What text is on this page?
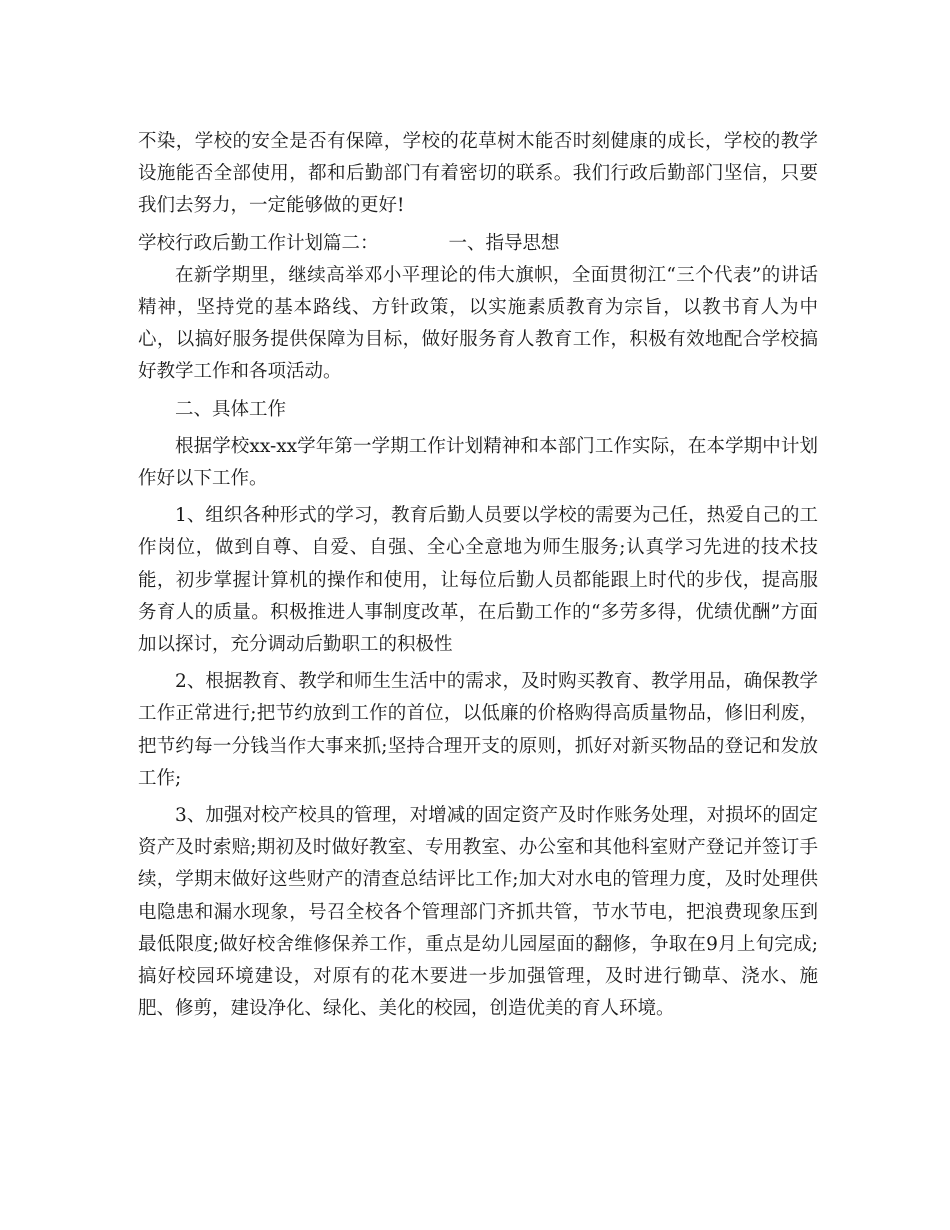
不染，学校的安全是否有保障，学校的花草树木能否时刻健康的成长，学校的教学设施能否全部使用，都和后勤部门有着密切的联系。我们行政后勤部门坚信，只要我们去努力，一定能够做的更好!

学校行政后勤工作计划篇二：	一、指导思想

在新学期里，继续高举邓小平理论的伟大旗帜，全面贯彻江“三个代表”的讲话精神，坚持党的基本路线、方针政策，以实施素质教育为宗旨，以教书育人为中心，以搞好服务提供保障为目标，做好服务育人教育工作，积极有效地配合学校搞好教学工作和各项活动。

二、具体工作

根据学校xx-xx学年第一学期工作计划精神和本部门工作实际，在本学期中计划作好以下工作。

1、组织各种形式的学习，教育后勤人员要以学校的需要为己任，热爱自己的工作岗位，做到自尊、自爱、自强、全心全意地为师生服务;认真学习先进的技术技能，初步掌握计算机的操作和使用，让每位后勤人员都能跟上时代的步伐，提高服务育人的质量。积极推进人事制度改革，在后勤工作的“多劳多得，优绩优酬”方面加以探讨，充分调动后勤职工的积极性

2、根据教育、教学和师生生活中的需求，及时购买教育、教学用品，确保教学工作正常进行;把节约放到工作的首位，以低廉的价格购得高质量物品，修旧利废，把节约每一分钱当作大事来抓;坚持合理开支的原则，抓好对新买物品的登记和发放工作;

3、加强对校产校具的管理，对增减的固定资产及时作账务处理，对损坏的固定资产及时索赔;期初及时做好教室、专用教室、办公室和其他科室财产登记并签订手续，学期末做好这些财产的清查总结评比工作;加大对水电的管理力度，及时处理供电隐患和漏水现象，号召全校各个管理部门齐抓共管，节水节电，把浪费现象压到最低限度;做好校舍维修保养工作，重点是幼儿园屋面的翻修，争取在9月上旬完成;搞好校园环境建设，对原有的花木要进一步加强管理，及时进行锄草、浇水、施肥、修剪，建设净化、绿化、美化的校园，创造优美的育人环境。
